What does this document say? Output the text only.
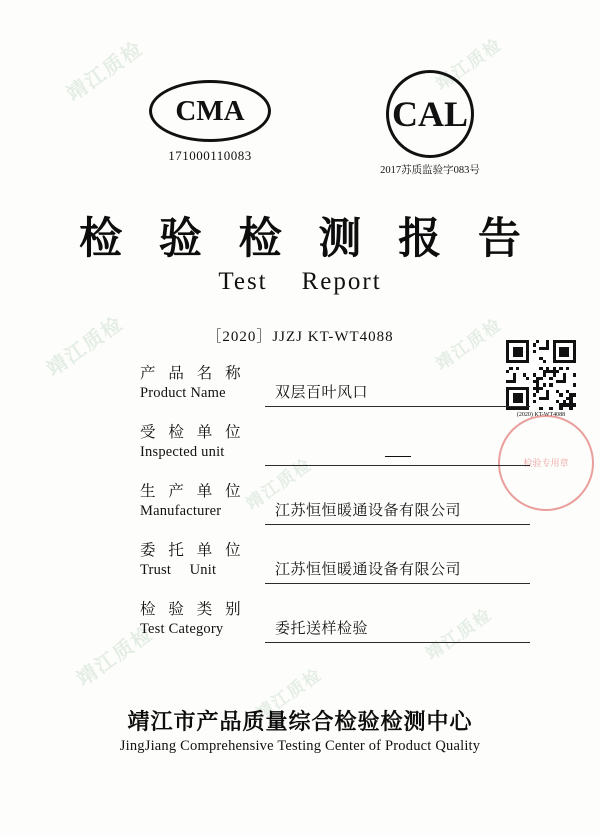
靖江质检	靖江质检
靖江质检	靖江质检
靖江质检	靖江质检
靖江质检
靖江质检
CMA
171000110083
CAL
2017苏质监验字083号
检 验 检 测 报 告
Test Report
［2020］JJZJ KT-WT4088
(2020) KT-WT4088
检验专用章
产 品 名 称
Product Name	双层百叶风口
受 检 单 位
Inspected unit
生 产 单 位
Manufacturer	江苏恒恒暖通设备有限公司
委 托 单 位
Trust　 Unit	江苏恒恒暖通设备有限公司
检 验 类 别
Test Category	委托送样检验
靖江市产品质量综合检验检测中心
JingJiang Comprehensive Testing Center of Product Quality
